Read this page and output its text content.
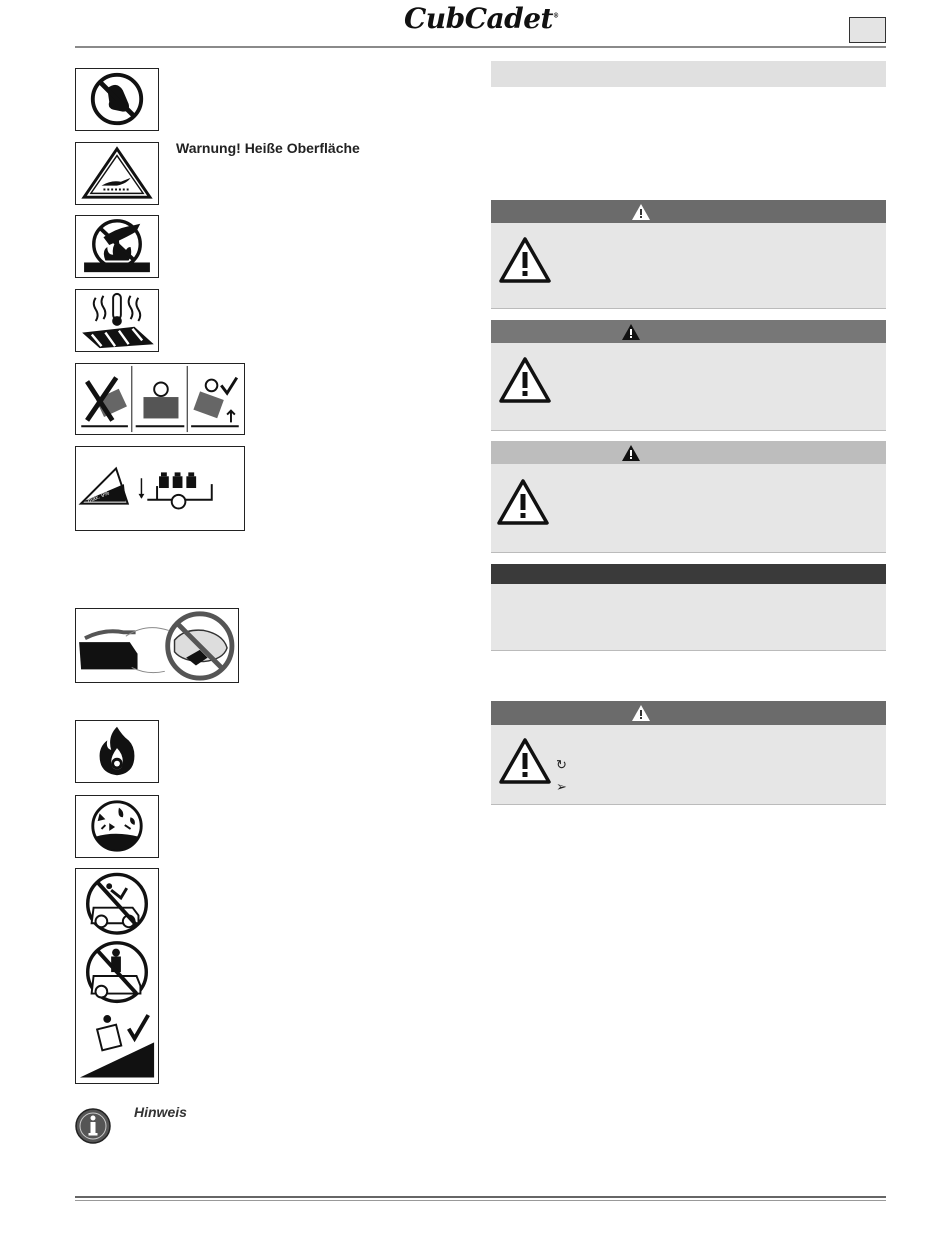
CubCadet®
Warnung! Heiße Oberfläche
max. 9%
Hinweis
↻
➢
